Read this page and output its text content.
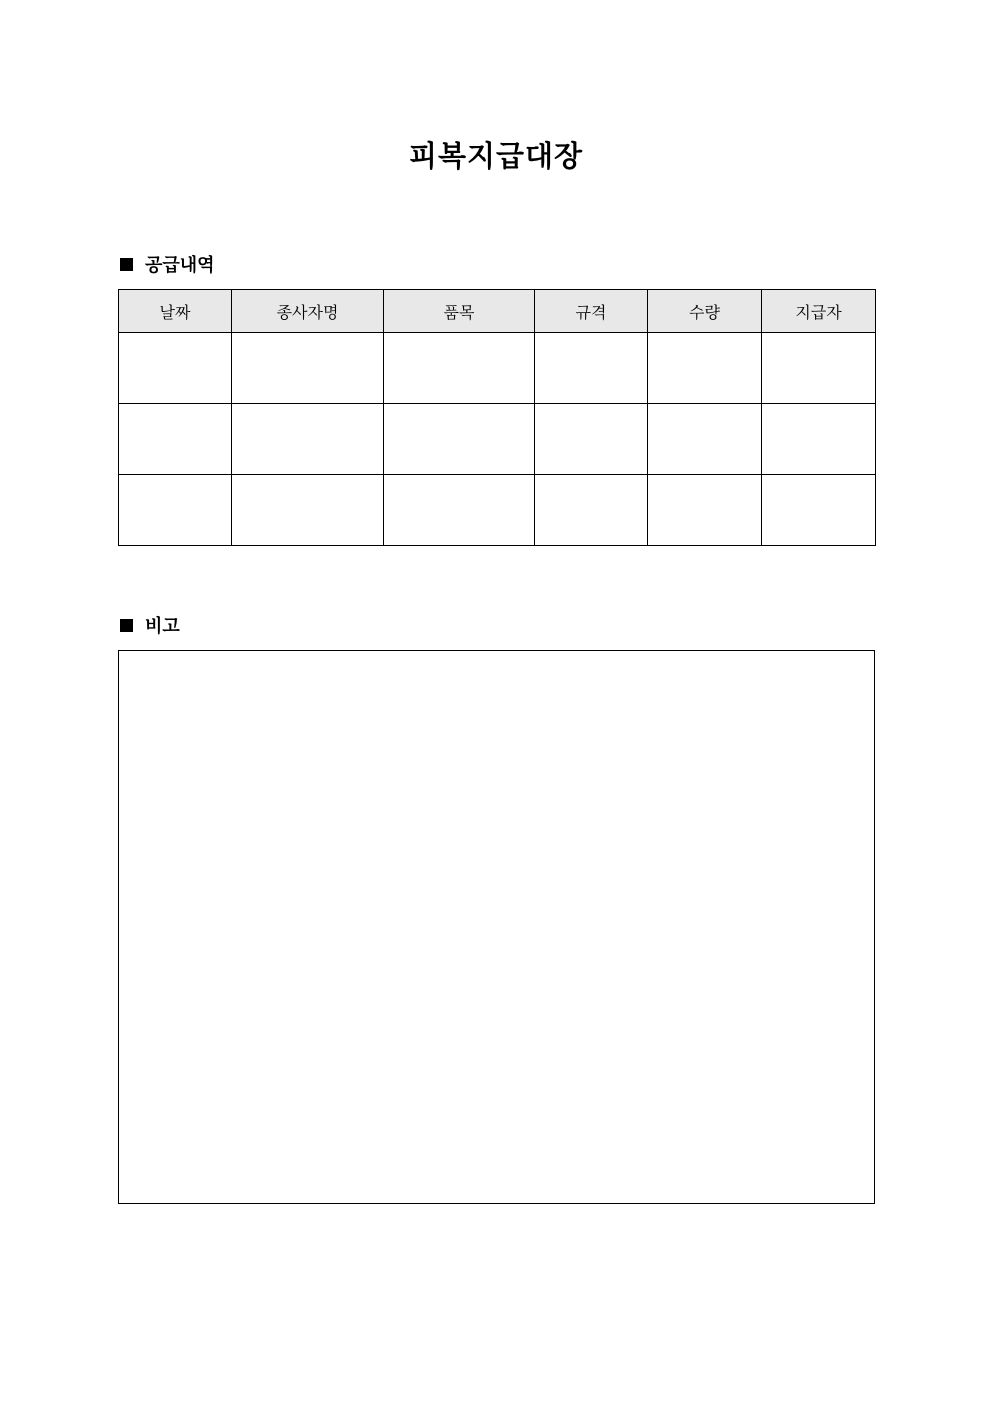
피복지급대장
공급내역
날짜	종사자명	품목	규격	수량	지급자

비고
